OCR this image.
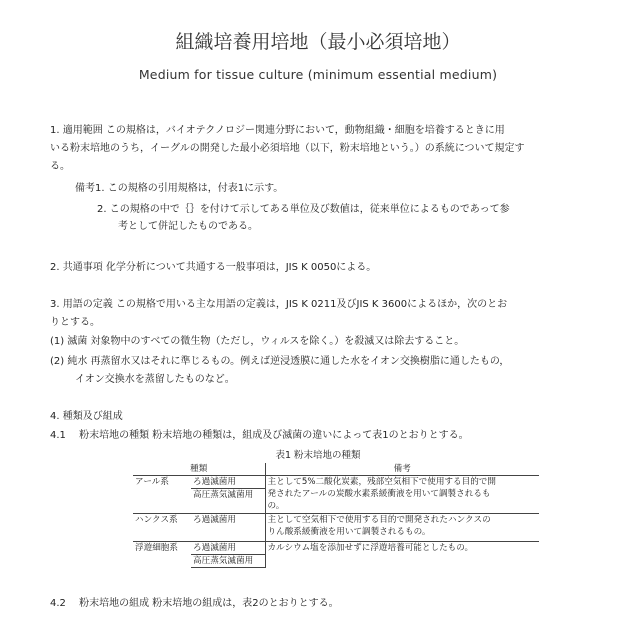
組織培養用培地（最小必須培地）
Medium for tissue culture (minimum essential medium)
1. 適用範囲 この規格は，バイオテクノロジー関連分野において，動物組織・細胞を培養するときに用
いる粉末培地のうち，イーグルの開発した最小必須培地（以下，粉末培地という。）の系統について規定す
る。
備考1. この規格の引用規格は，付表1に示す。
2. この規格の中で｛｝を付けて示してある単位及び数値は，従来単位によるものであって参
考として併記したものである。
2. 共通事項 化学分析について共通する一般事項は，JIS K 0050による。
3. 用語の定義 この規格で用いる主な用語の定義は，JIS K 0211及びJIS K 3600によるほか，次のとお
りとする。
(1) 滅菌 対象物中のすべての微生物（ただし，ウィルスを除く。）を殺滅又は除去すること。
(2) 純水 再蒸留水又はそれに準じるもの。例えば逆浸透膜に通した水をイオン交換樹脂に通したもの，
イオン交換水を蒸留したものなど。
4. 種類及び組成
4.1　 粉末培地の種類 粉末培地の種類は，組成及び滅菌の違いによって表1のとおりとする。
表1 粉末培地の種類
種類		備考
アール系	ろ過滅菌用	主として5%二酸化炭素，残部空気相下で使用する目的で開
発されたアールの炭酸水素系緩衝液を用いて調製されるも
の。

	高圧蒸気滅菌用	
ハンクス系	ろ過滅菌用	主として空気相下で使用する目的で開発されたハンクスの
りん酸系緩衝液を用いて調製されるもの。

浮遊細胞系	ろ過滅菌用	カルシウム塩を添加せずに浮遊培養可能としたもの。

	高圧蒸気滅菌用	
4.2　 粉末培地の組成 粉末培地の組成は，表2のとおりとする。
